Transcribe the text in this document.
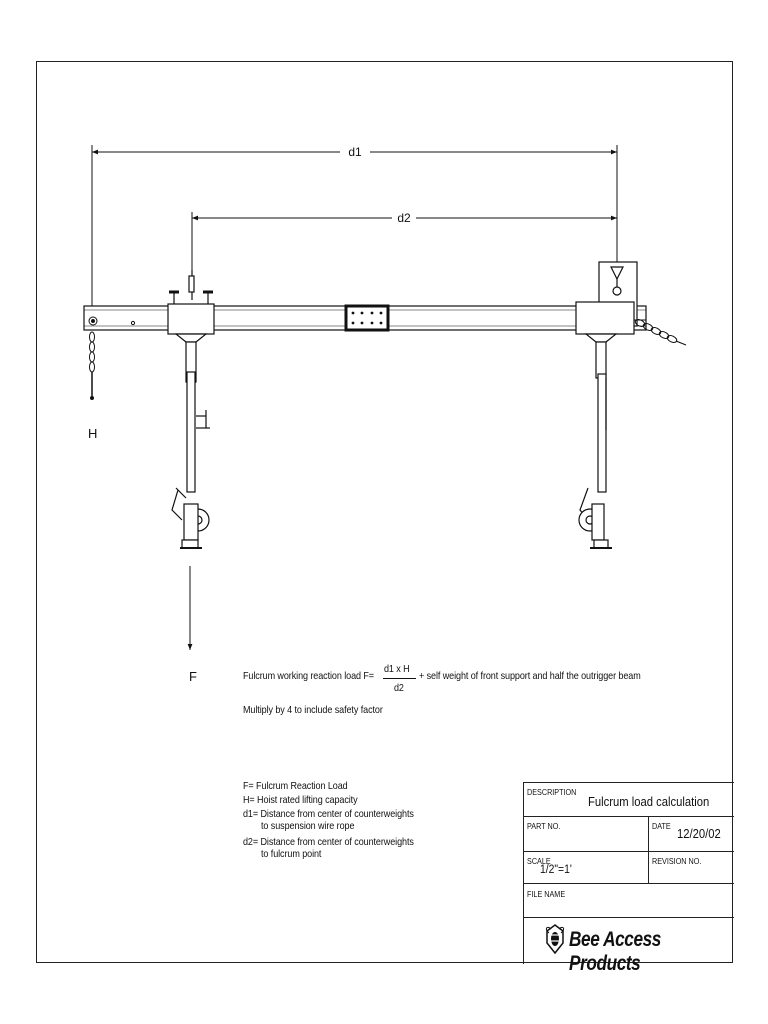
d1
d2
H
F	Fulcrum working reaction load F=
d1 x H
d2
+ self weight of front support and half the outrigger beam
Multiply by 4 to include safety factor
F= Fulcrum Reaction Load
H= Hoist rated lifting capacity
d1= Distance from center of counterweights
to suspension wire rope
d2= Distance from center of counterweights
to fulcrum point
DESCRIPTION
Fulcrum load calculation
PART NO.	DATE
12/20/02
SCALE
1/2"=1'
REVISION NO.
FILE NAME
Bee Access Products
